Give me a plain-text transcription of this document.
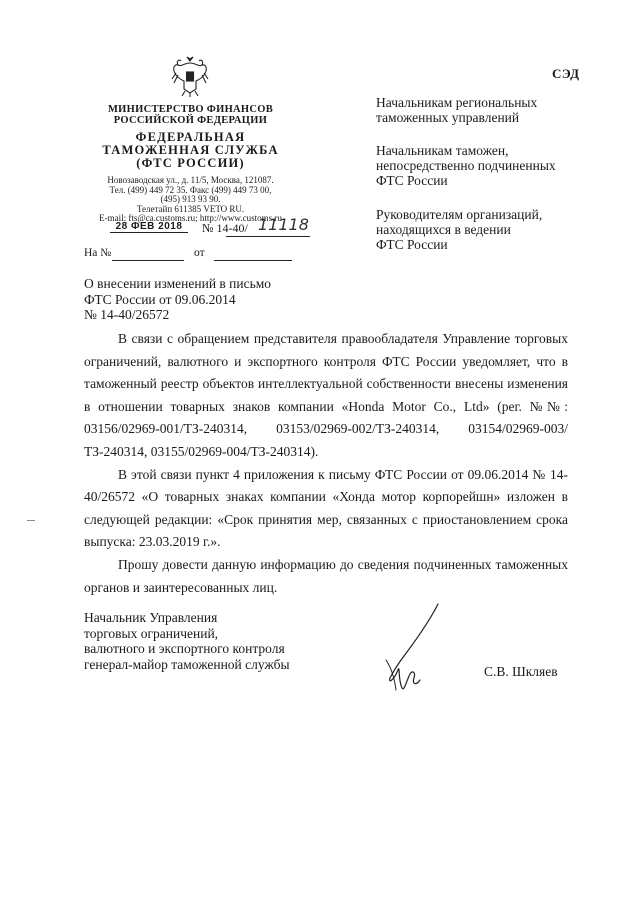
СЭД
МИНИСТЕРСТВО ФИНАНСОВ
РОССИЙСКОЙ ФЕДЕРАЦИИ
ФЕДЕРАЛЬНАЯ
ТАМОЖЕННАЯ СЛУЖБА
(ФТС РОССИИ)
Новозаводская ул., д. 11/5, Москва, 121087.
Тел. (499) 449 72 35. Факс (499) 449 73 00,
(495) 913 93 90.
Телетайп 611385 VETO RU.
E-mail: fts@ca.customs.ru; http://www.customs.ru
28 ФЕВ 2018	№ 14-40/ 11118
На №	от
Начальникам региональных
таможенных управлений
Начальникам таможен,
непосредственно подчиненных
ФТС России
Руководителям организаций,
находящихся в ведении
ФТС России
О внесении изменений в письмо
ФТС России от 09.06.2014
№ 14-40/26572

В связи с обращением представителя правообладателя Управление торговых ограничений, валютного и экспортного контроля ФТС России уведомляет, что в таможенный реестр объектов интеллектуальной собственности внесены изменения в отношении товарных знаков компании «Honda Motor Co., Ltd» (рег. №№: 03156/02969-001/ТЗ-240314, 03153/02969-002/ТЗ-240314, 03154/02969-003/ТЗ-240314, 03155/02969-004/ТЗ-240314).

В этой связи пункт 4 приложения к письму ФТС России от 09.06.2014 № 14-40/26572 «О товарных знаках компании «Хонда мотор корпорейшн» изложен в следующей редакции: «Срок принятия мер, связанных с приостановлением срока выпуска: 23.03.2019 г.».

Прошу довести данную информацию до сведения подчиненных таможенных органов и заинтересованных лиц.

Начальник Управления
торговых ограничений,
валютного и экспортного контроля
генерал-майор таможенной службы	С.В. Шкляев
